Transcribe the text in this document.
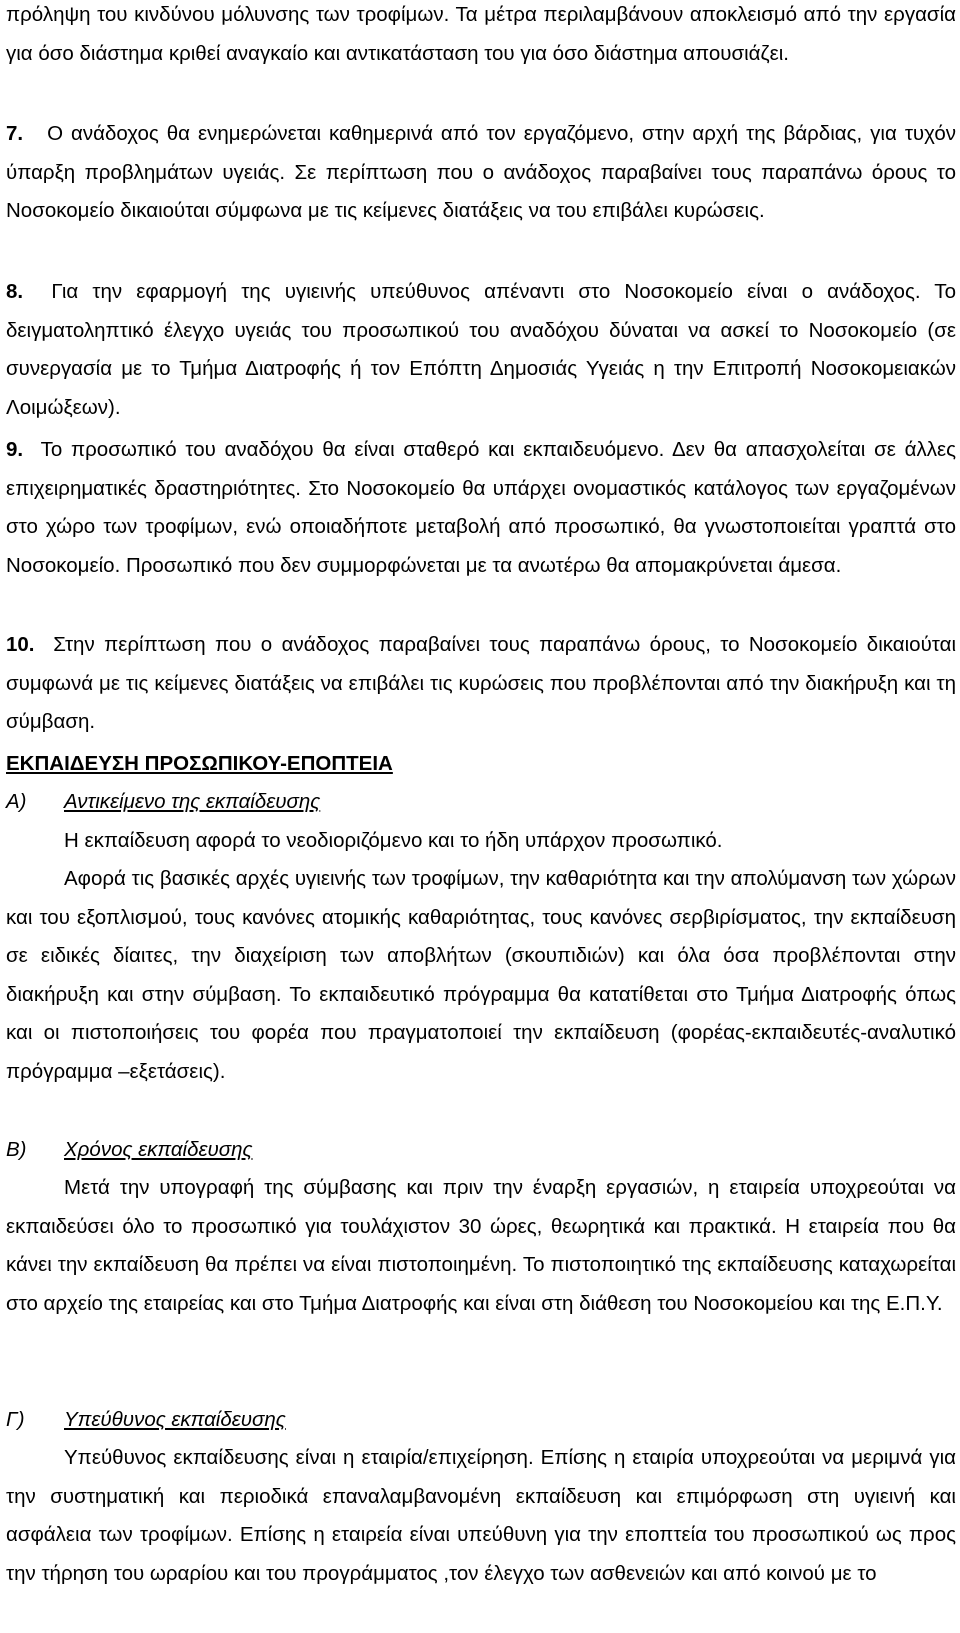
πρόληψη του κινδύνου μόλυνσης των τροφίμων. Τα μέτρα περιλαμβάνουν αποκλεισμό από την εργασία για όσο διάστημα κριθεί αναγκαίο και αντικατάσταση του για όσο διάστημα απουσιάζει.

7. Ο ανάδοχος θα ενημερώνεται καθημερινά από τον εργαζόμενο, στην αρχή της βάρδιας, για τυχόν ύπαρξη προβλημάτων υγειάς. Σε περίπτωση που ο ανάδοχος παραβαίνει τους παραπάνω όρους το Νοσοκομείο δικαιούται σύμφωνα με τις κείμενες διατάξεις να του επιβάλει κυρώσεις.

8. Για την εφαρμογή της υγιεινής υπεύθυνος απέναντι στο Νοσοκομείο είναι ο ανάδοχος. Το δειγματοληπτικό έλεγχο υγειάς του προσωπικού του αναδόχου δύναται να ασκεί το Νοσοκομείο (σε συνεργασία με το Τμήμα Διατροφής ή τον Επόπτη Δημοσιάς Υγειάς η την Επιτροπή Νοσοκομειακών Λοιμώξεων).

9. Το προσωπικό του αναδόχου θα είναι σταθερό και εκπαιδευόμενο. Δεν θα απασχολείται σε άλλες επιχειρηματικές δραστηριότητες. Στο Νοσοκομείο θα υπάρχει ονομαστικός κατάλογος των εργαζομένων στο χώρο των τροφίμων, ενώ οποιαδήποτε μεταβολή από προσωπικό, θα γνωστοποιείται γραπτά στο Νοσοκομείο. Προσωπικό που δεν συμμορφώνεται με τα ανωτέρω θα απομακρύνεται άμεσα.

10. Στην περίπτωση που ο ανάδοχος παραβαίνει τους παραπάνω όρους, το Νοσοκομείο δικαιούται συμφωνά με τις κείμενες διατάξεις να επιβάλει τις κυρώσεις που προβλέπονται από την διακήρυξη και τη σύμβαση.

ΕΚΠΑΙΔΕΥΣΗ ΠΡΟΣΩΠΙΚΟΥ-ΕΠΟΠΤΕΙΑ
Α) Αντικείμενο της εκπαίδευσης
Η εκπαίδευση αφορά το νεοδιοριζόμενο και το ήδη υπάρχον προσωπικό.

Αφορά τις βασικές αρχές υγιεινής των τροφίμων, την καθαριότητα και την απολύμανση των χώρων και του εξοπλισμού, τους κανόνες ατομικής καθαριότητας, τους κανόνες σερβιρίσματος, την εκπαίδευση σε ειδικές δίαιτες, την διαχείριση των αποβλήτων (σκουπιδιών) και όλα όσα προβλέπονται στην διακήρυξη και στην σύμβαση. Το εκπαιδευτικό πρόγραμμα θα κατατίθεται στο Τμήμα Διατροφής όπως και οι πιστοποιήσεις του φορέα που πραγματοποιεί την εκπαίδευση (φορέας-εκπαιδευτές-αναλυτικό πρόγραμμα –εξετάσεις).

Β) Χρόνος εκπαίδευσης

Μετά την υπογραφή της σύμβασης και πριν την έναρξη εργασιών, η εταιρεία υποχρεούται να εκπαιδεύσει όλο το προσωπικό για τουλάχιστον 30 ώρες, θεωρητικά και πρακτικά. Η εταιρεία που θα κάνει την εκπαίδευση θα πρέπει να είναι πιστοποιημένη. Το πιστοποιητικό της εκπαίδευσης καταχωρείται στο αρχείο της εταιρείας και στο Τμήμα Διατροφής και είναι στη διάθεση του Νοσοκομείου και της Ε.Π.Υ.

Γ) Υπεύθυνος εκπαίδευσης

Υπεύθυνος εκπαίδευσης είναι η εταιρία/επιχείρηση. Επίσης η εταιρία υποχρεούται να μεριμνά για την συστηματική και περιοδικά επαναλαμβανομένη εκπαίδευση και επιμόρφωση στη υγιεινή και ασφάλεια των τροφίμων. Επίσης η εταιρεία είναι υπεύθυνη για την εποπτεία του προσωπικού ως προς την τήρηση του ωραρίου και του προγράμματος ,τον έλεγχο των ασθενειών και από κοινού με το
